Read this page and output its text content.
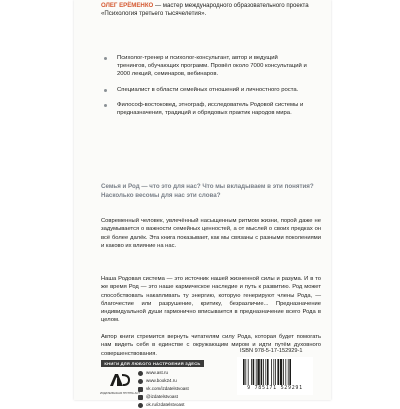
ОЛЕГ ЕРЁМЕНКО — мастер международного образовательного проекта «Психология третьего тысячелетия».
Психолог-тренер и психолог-консультант, автор и ведущий тренингов, обучающих программ. Провёл около 7000 консультаций и 2000 лекций, семинаров, вебинаров.
Специалист в области семейных отношений и личностного роста.
Философ-востоковед, этнограф, исследователь Родовой системы и предназначения, традиций и обрядовых практик народов мира.
Семья и Род — что это для нас? Что мы вкладываем в эти понятия? Насколько весомы для нас эти слова?
Современный человек, увлечённый насыщенным ритмом жизни, порой даже не задумывается о важности семейных ценностей, а от мыслей о своих предках он всё более далёк. Эта книга показывает, как мы связаны с разными поколениями и каково их влияние на нас.
Наша Родовая система — это источник нашей жизненной силы и разума. И в то же время Род — это наше кармическое наследие и путь к развитию. Род может способствовать накапливать ту энергию, которую генерируют члены Рода, — благочестие или разрушение, критику, безразличие... Предназначение индивидуальной души гармонично вписывается в предназначение всего Рода в целом.
Автор книги стремится вернуть читателям силу Рода, которая будет помогать нам видеть себя в единстве с окружающим миром и идти путём духовного совершенствования.
КНИГИ ДЛЯ ЛЮБОГО НАСТРОЕНИЯ ЗДЕСЬ
ИЗДАТЕЛЬСКАЯ ГРУППА АСТ
www.ast.ru
www.book24.ru
vk.com/izdatelstvoast
@izdatelstvoast
ok.ru/izdatelstvoast
ISBN 978-5-17-152929-1
9 785171 529291
